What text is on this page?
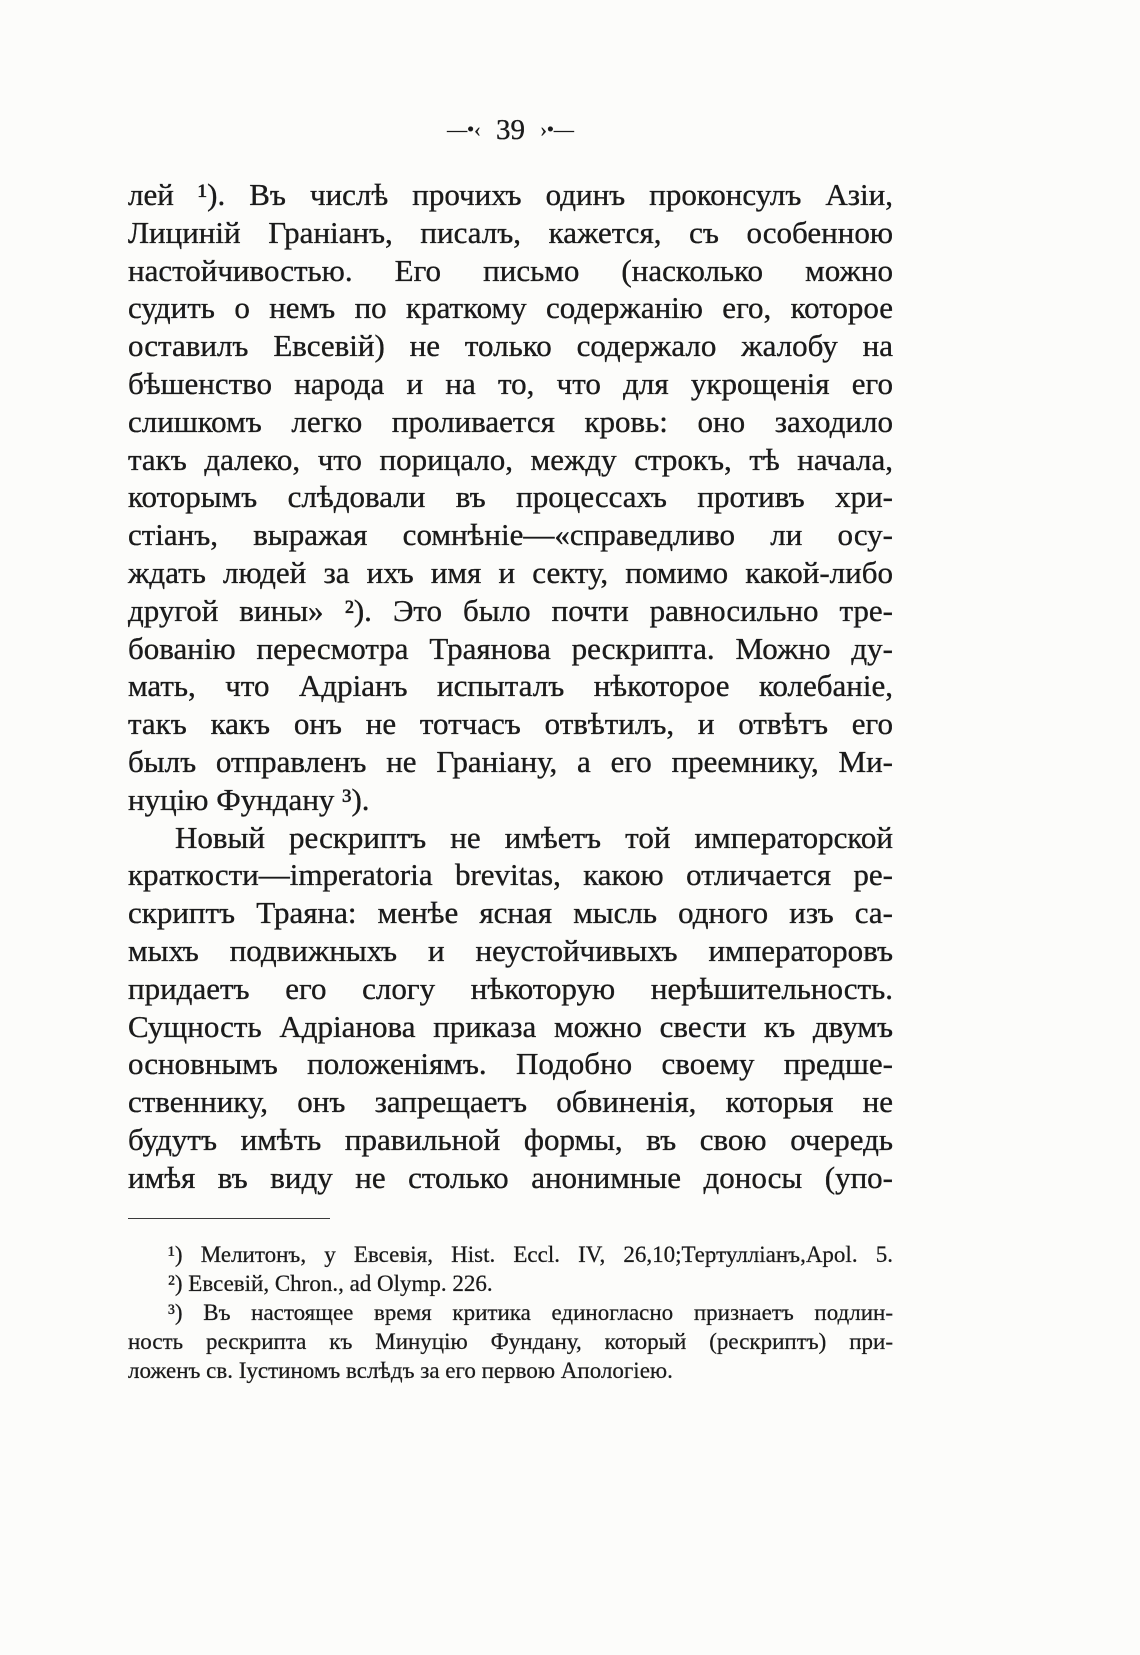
—•‹ 39 ›•—
лей ¹). Въ числѣ прочихъ одинъ проконсулъ Азіи,
Лициній Граніанъ, писалъ, кажется, съ особенною
настойчивостью. Его письмо (насколько можно
судить о немъ по краткому содержанію его, которое
оставилъ Евсевій) не только содержало жалобу на
бѣшенство народа и на то, что для укрощенія его
слишкомъ легко проливается кровь: оно заходило
такъ далеко, что порицало, между строкъ, тѣ начала,
которымъ слѣдовали въ процессахъ противъ хри-
стіанъ, выражая сомнѣніе—«справедливо ли осу-
ждать людей за ихъ имя и секту, помимо какой-либо
другой вины» ²). Это было почти равносильно тре-
бованію пересмотра Траянова рескрипта. Можно ду-
мать, что Адріанъ испыталъ нѣкоторое колебаніе,
такъ какъ онъ не тотчасъ отвѣтилъ, и отвѣтъ его
былъ отправленъ не Граніану, а его преемнику, Ми-
нуцію Фундану ³).
Новый рескриптъ не имѣетъ той императорской
краткости—imperatoria brevitas, какою отличается ре-
скриптъ Траяна: менѣе ясная мысль одного изъ са-
мыхъ подвижныхъ и неустойчивыхъ императоровъ
придаетъ его слогу нѣкоторую нерѣшительность.
Сущность Адріанова приказа можно свести къ двумъ
основнымъ положеніямъ. Подобно своему предше-
ственнику, онъ запрещаетъ обвиненія, которыя не
будутъ имѣть правильной формы, въ свою очередь
имѣя въ виду не столько анонимные доносы (упо-
¹) Мелитонъ, у Евсевія, Hist. Eccl. IV, 26,10;Тертулліанъ,Apol. 5.
²) Евсевій, Chron., ad Olymp. 226.
³) Въ настоящее время критика единогласно признаетъ подлин-
ность рескрипта къ Минуцію Фундану, который (рескриптъ) при-
ложенъ св. Іустиномъ вслѣдъ за его первою Апологіею.
